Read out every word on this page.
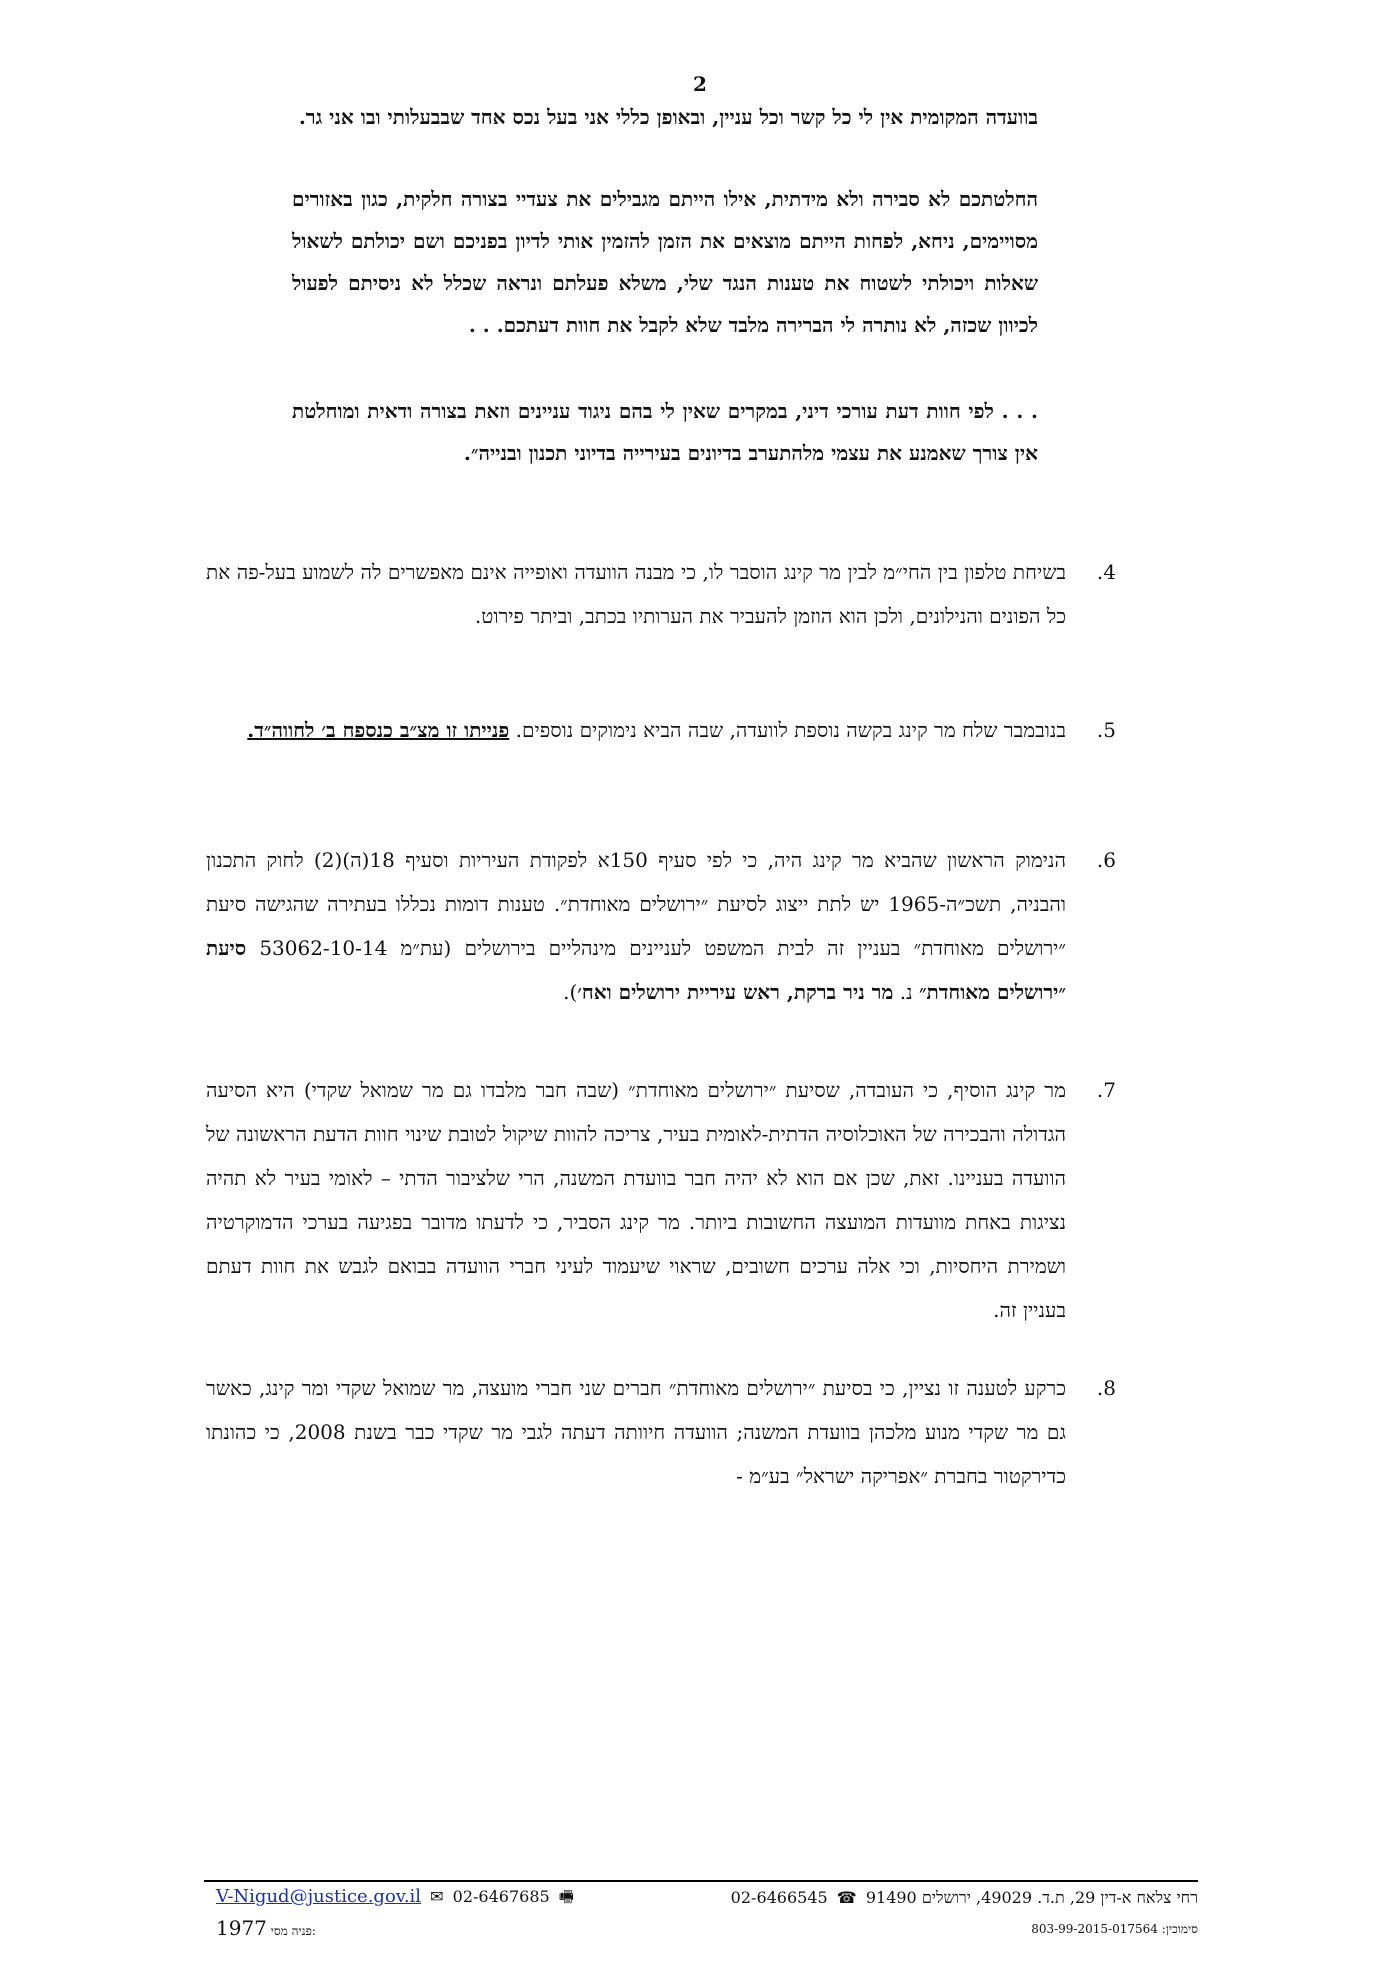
2
בוועדה המקומית אין לי כל קשר וכל עניין, ובאופן כללי אני בעל נכס אחד שבבעלותי ובו אני גר.
החלטתכם לא סבירה ולא מידתית, אילו הייתם מגבילים את צעדיי בצורה חלקית, כגון באזורים מסויימים, ניחא, לפחות הייתם מוצאים את הזמן להזמין אותי לדיון בפניכם ושם יכולתם לשאול שאלות ויכולתי לשטוח את טענות הנגד שלי, משלא פעלתם ונראה שכלל לא ניסיתם לפעול לכיוון שכזה, לא נותרה לי הברירה מלבד שלא לקבל את חוות דעתכם. . .
. . . לפי חוות דעת עורכי דיני, במקרים שאין לי בהם ניגוד עניינים וזאת בצורה ודאית ומוחלטת אין צורך שאמנע את עצמי מלהתערב בדיונים בעירייה בדיוני תכנון ובנייה״.
4.
בשיחת טלפון בין החי״מ לבין מר קינג הוסבר לו, כי מבנה הוועדה ואופייה אינם מאפשרים לה לשמוע בעל-פה את כל הפונים והנילונים, ולכן הוא הוזמן להעביר את הערותיו בכתב, וביתר פירוט.
5.
בנובמבר שלח מר קינג בקשה נוספת לוועדה, שבה הביא נימוקים נוספים. פנייתו זו מצ״ב כנספח ב׳ לחווה״ד.
6.
הנימוק הראשון שהביא מר קינג היה, כי לפי סעיף 150א לפקודת העיריות וסעיף 18(ה)(2) לחוק התכנון והבניה, תשכ״ה-1965 יש לתת ייצוג לסיעת ״ירושלים מאוחדת״. טענות דומות נכללו בעתירה שהגישה סיעת ״ירושלים מאוחדת״ בעניין זה לבית המשפט לעניינים מינהליים בירושלים (עת״מ 53062-10-14 סיעת ״ירושלים מאוחדת״ נ. מר ניר ברקת, ראש עיריית ירושלים ואח׳).
7.
מר קינג הוסיף, כי העובדה, שסיעת ״ירושלים מאוחדת״ (שבה חבר מלבדו גם מר שמואל שקדי) היא הסיעה הגדולה והבכירה של האוכלוסיה הדתית-לאומית בעיר, צריכה להוות שיקול לטובת שינוי חוות הדעת הראשונה של הוועדה בעניינו. זאת, שכן אם הוא לא יהיה חבר בוועדת המשנה, הרי שלציבור הדתי – לאומי בעיר לא תהיה נציגות באחת מוועדות המועצה החשובות ביותר. מר קינג הסביר, כי לדעתו מדובר בפגיעה בערכי הדמוקרטיה ושמירת היחסיות, וכי אלה ערכים חשובים, שראוי שיעמוד לעיני חברי הוועדה בבואם לגבש את חוות דעתם בעניין זה.
8.
כרקע לטענה זו נציין, כי בסיעת ״ירושלים מאוחדת״ חברים שני חברי מועצה, מר שמואל שקדי ומר קינג, כאשר גם מר שקדי מנוע מלכהן בוועדת המשנה; הוועדה חיוותה דעתה לגבי מר שקדי כבר בשנת 2008, כי כהונתו כדירקטור בחברת ״אפריקה ישראל״ בע״מ -
רחי צלאח א-דין 29, ת.ד. 49029, ירושלים 91490 ☎ 02-6466545
V-Nigud@justice.gov.il ✉ 02-6467685 🖷
סימוכין: 803-99-2015-017564
1977 פניה מסי:
